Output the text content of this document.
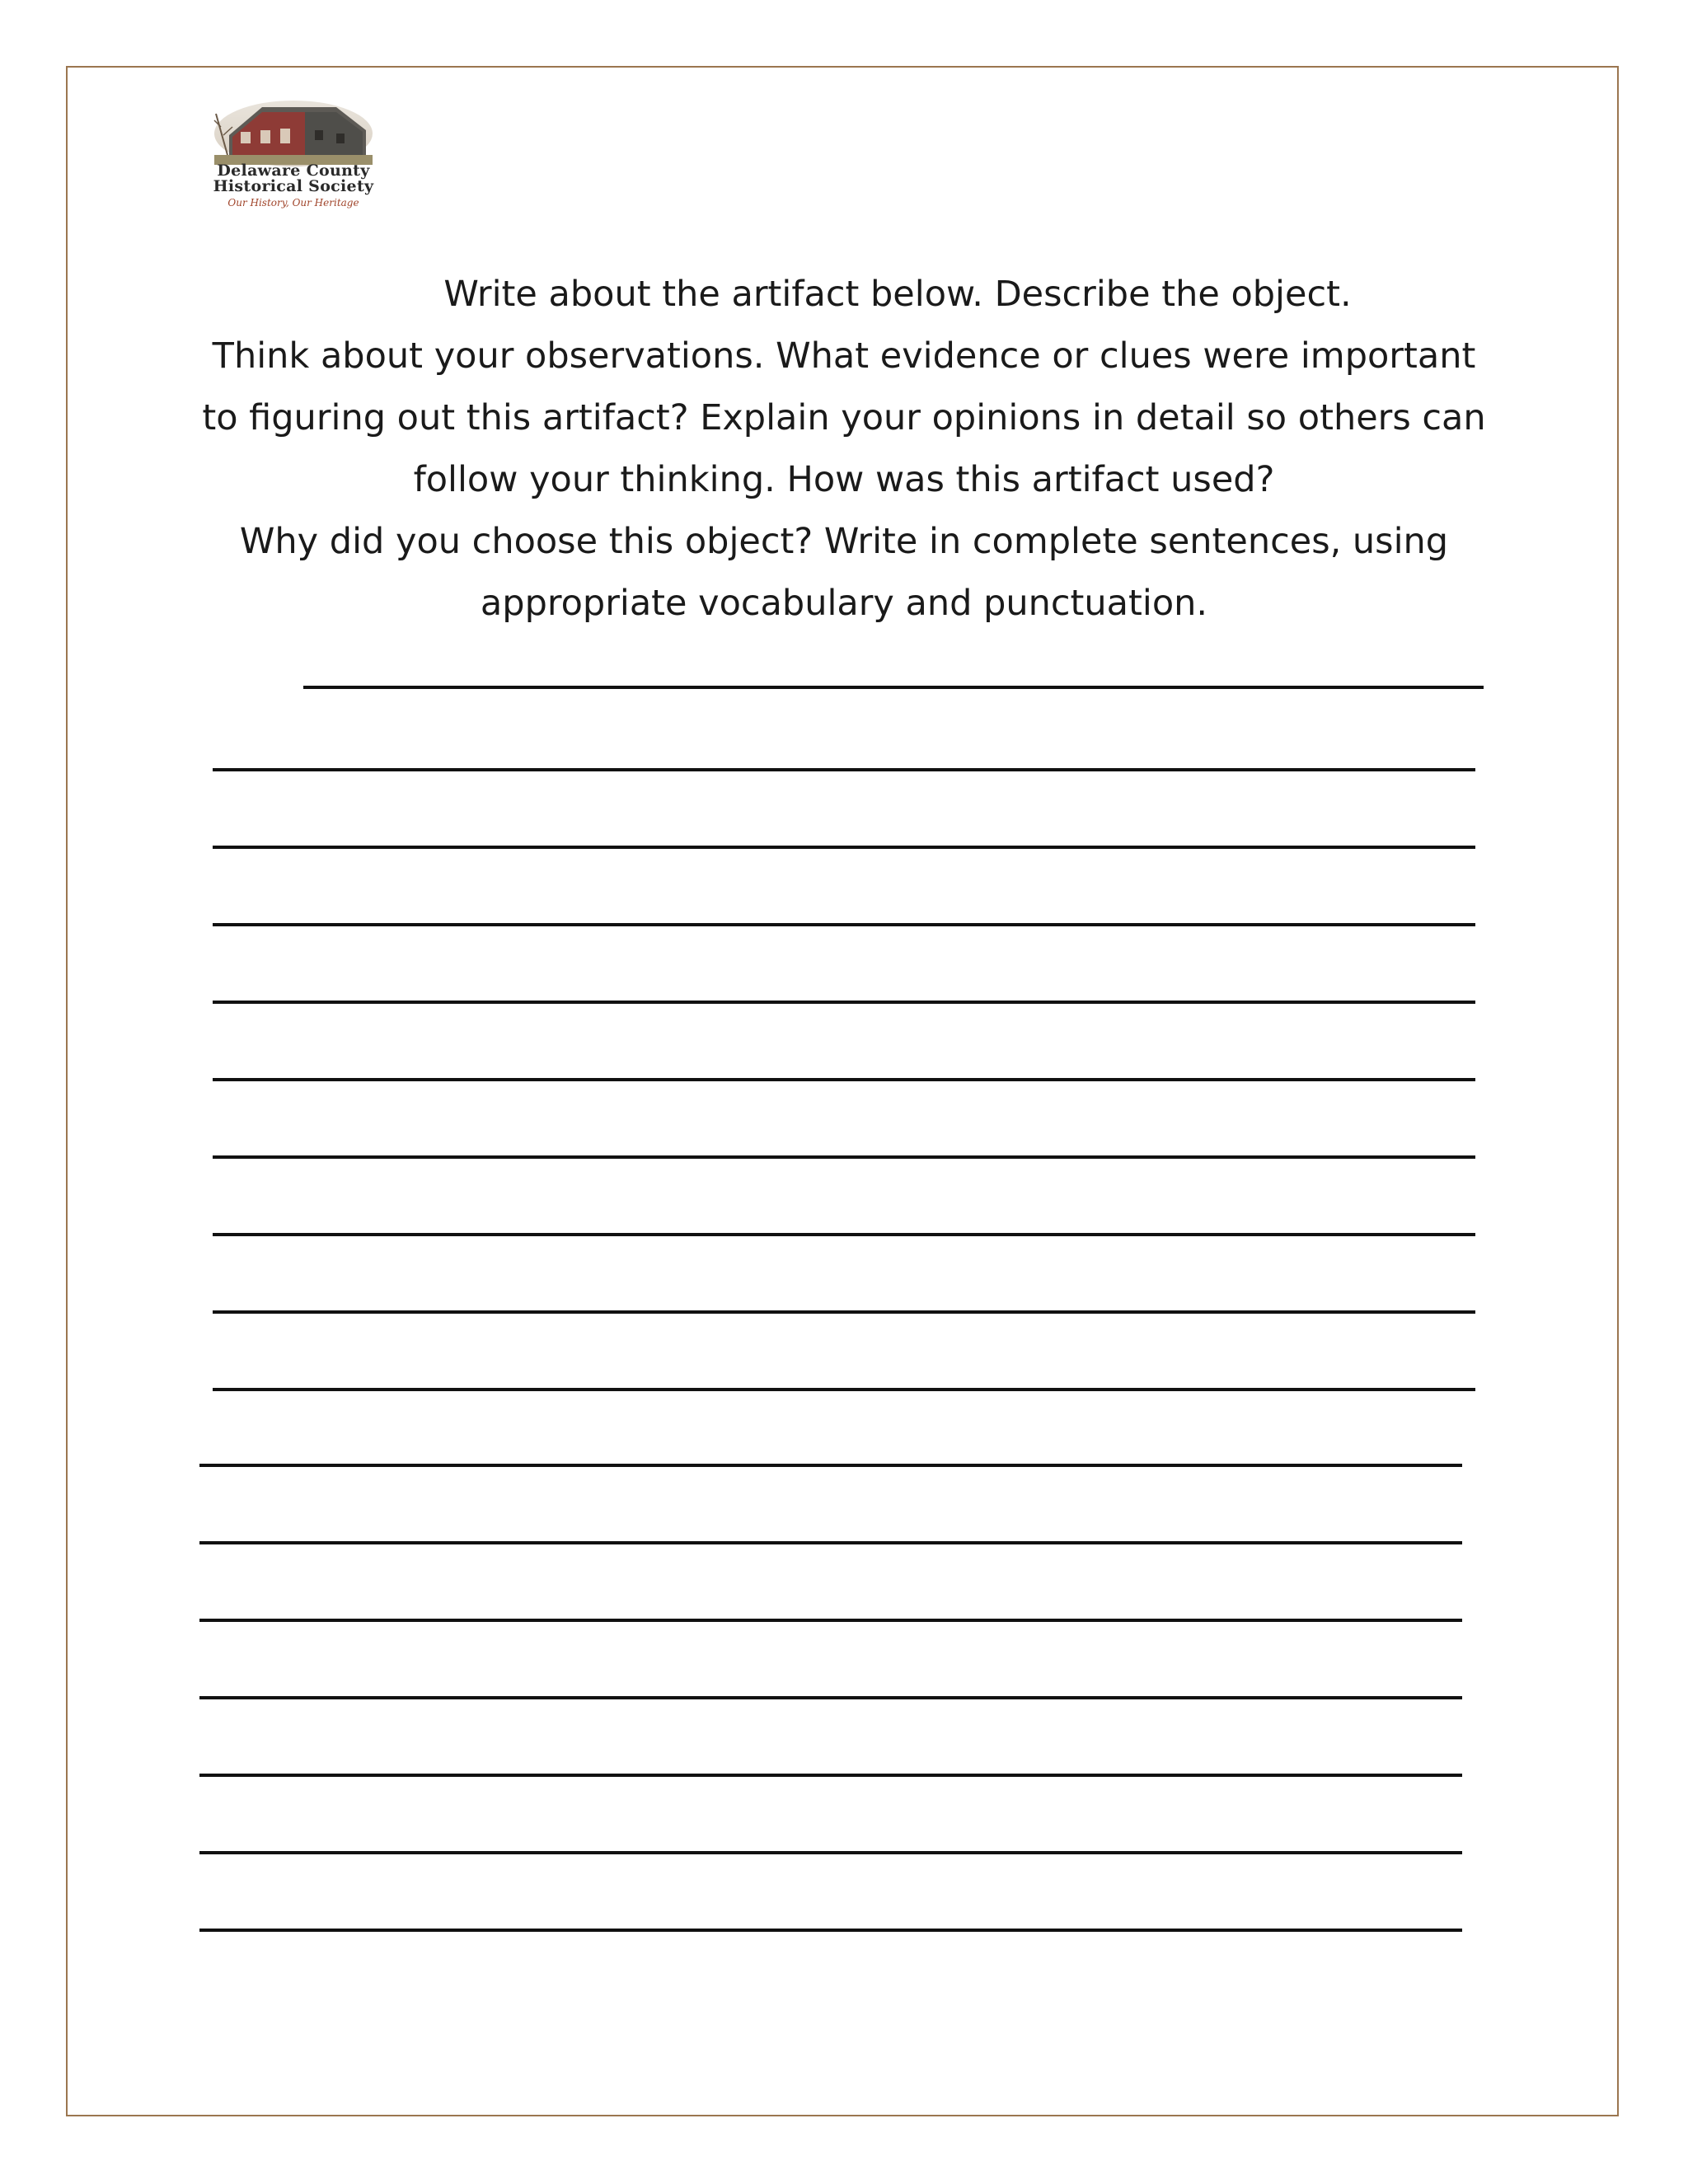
Delaware County
Historical Society
Our History, Our Heritage
Write about the artifact below. Describe the object.
Think about your observations. What evidence or clues were important
to figuring out this artifact? Explain your opinions in detail so others can
follow your thinking. How was this artifact used?
Why did you choose this object? Write in complete sentences, using
appropriate vocabulary and punctuation.
